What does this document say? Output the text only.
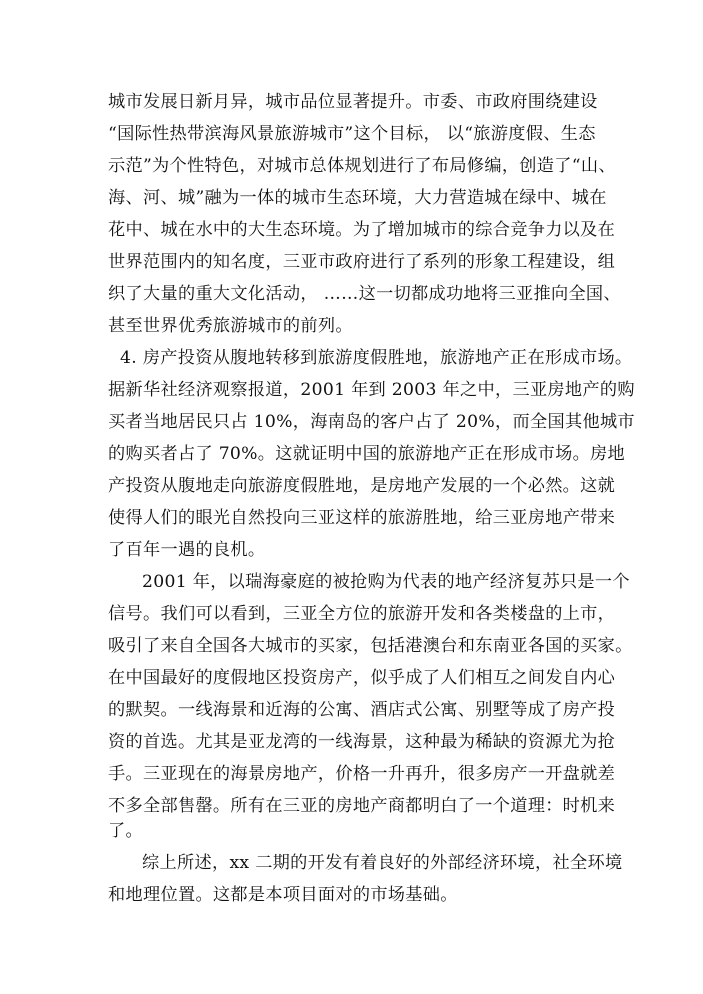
城市发展日新月异，城市品位显著提升。市委、市政府围绕建设
“国际性热带滨海风景旅游城市”这个目标， 以“旅游度假、生态
示范”为个性特色，对城市总体规划进行了布局修编，创造了“山、
海、河、城”融为一体的城市生态环境，大力营造城在绿中、城在
花中、城在水中的大生态环境。为了增加城市的综合竞争力以及在
世界范围内的知名度，三亚市政府进行了系列的形象工程建设，组
织了大量的重大文化活动， ……这一切都成功地将三亚推向全国、
甚至世界优秀旅游城市的前列。
4. 房产投资从腹地转移到旅游度假胜地，旅游地产正在形成市场。
据新华社经济观察报道，2001 年到 2003 年之中，三亚房地产的购
买者当地居民只占 10%，海南岛的客户占了 20%，而全国其他城市
的购买者占了 70%。这就证明中国的旅游地产正在形成市场。房地
产投资从腹地走向旅游度假胜地，是房地产发展的一个必然。这就
使得人们的眼光自然投向三亚这样的旅游胜地，给三亚房地产带来
了百年一遇的良机。
2001 年，以瑞海豪庭的被抢购为代表的地产经济复苏只是一个
信号。我们可以看到，三亚全方位的旅游开发和各类楼盘的上市，
吸引了来自全国各大城市的买家，包括港澳台和东南亚各国的买家。
在中国最好的度假地区投资房产，似乎成了人们相互之间发自内心
的默契。一线海景和近海的公寓、酒店式公寓、别墅等成了房产投
资的首选。尤其是亚龙湾的一线海景，这种最为稀缺的资源尤为抢
手。三亚现在的海景房地产，价格一升再升，很多房产一开盘就差
不多全部售罄。所有在三亚的房地产商都明白了一个道理：时机来
了。
综上所述，xx 二期的开发有着良好的外部经济环境，社全环境
和地理位置。这都是本项目面对的市场基础。
